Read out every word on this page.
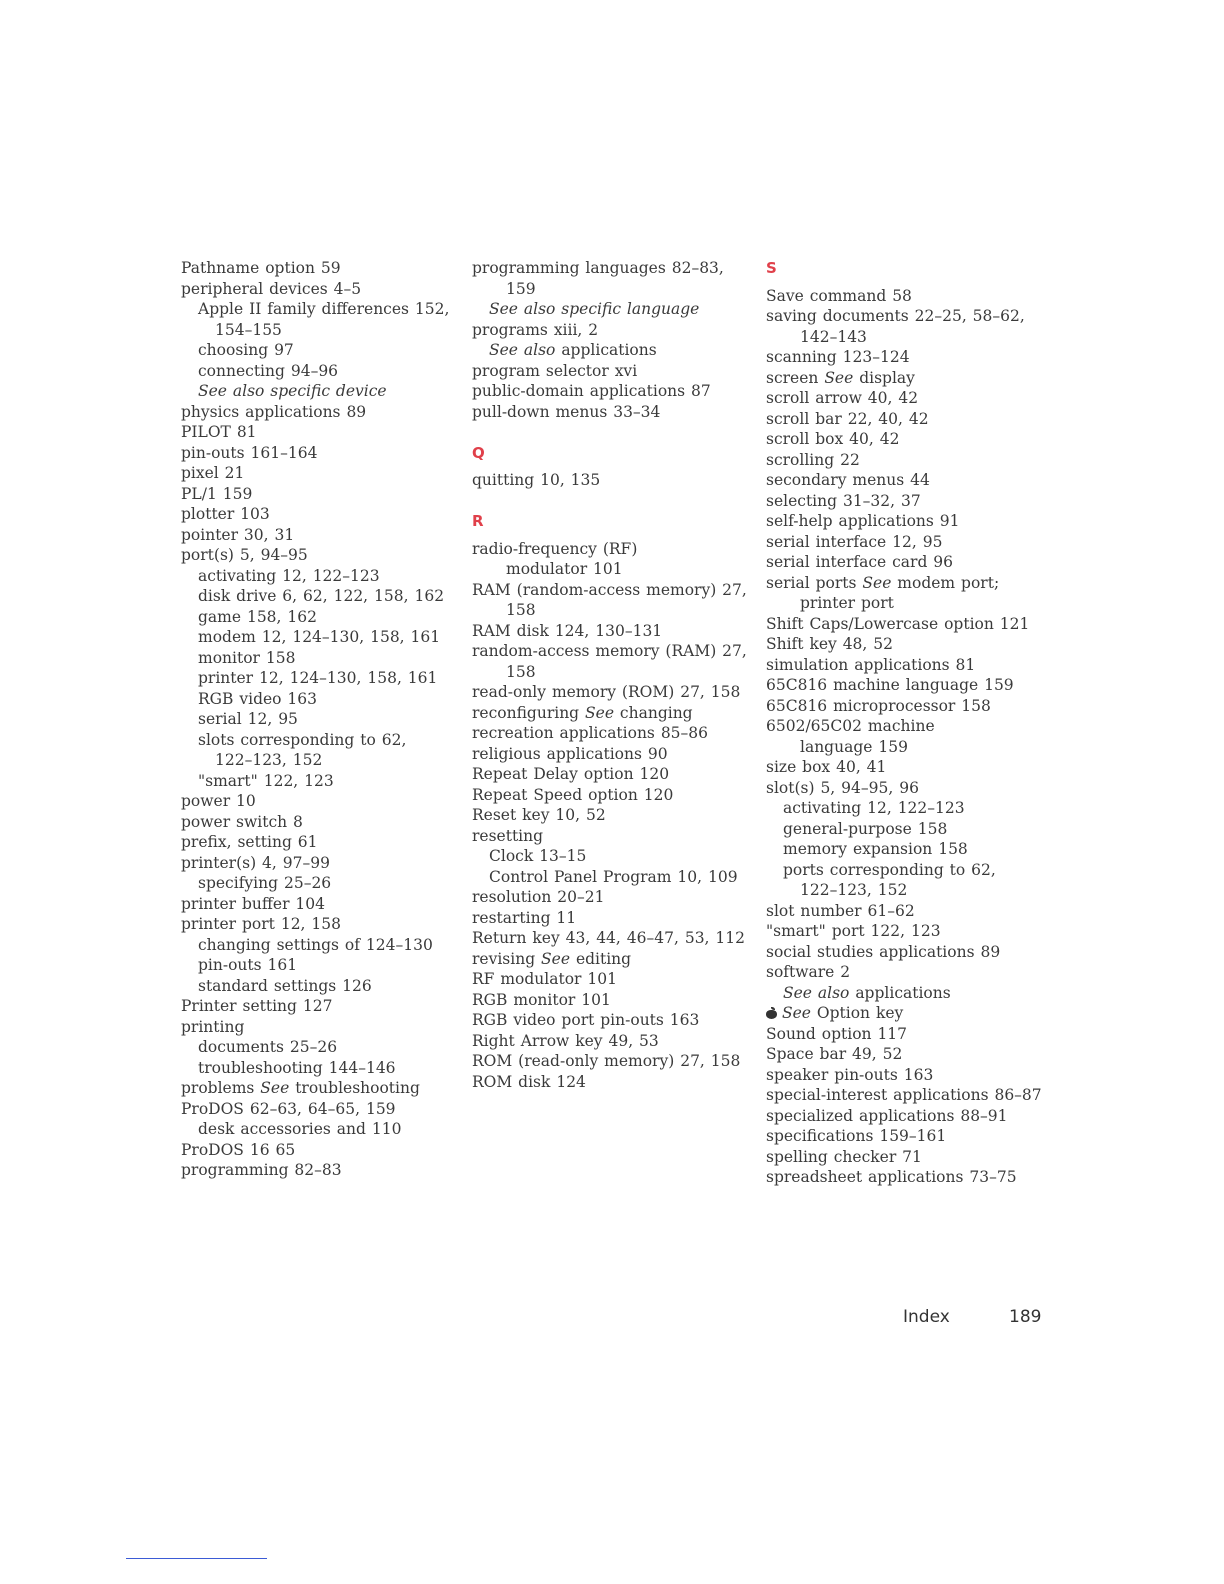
Pathname option 59
peripheral devices 4–5
Apple II family differences 152,
154–155
choosing 97
connecting 94–96
See also specific device
physics applications 89
PILOT 81
pin-outs 161–164
pixel 21
PL/1 159
plotter 103
pointer 30, 31
port(s) 5, 94–95
activating 12, 122–123
disk drive 6, 62, 122, 158, 162
game 158, 162
modem 12, 124–130, 158, 161
monitor 158
printer 12, 124–130, 158, 161
RGB video 163
serial 12, 95
slots corresponding to 62,
122–123, 152
"smart" 122, 123
power 10
power switch 8
prefix, setting 61
printer(s) 4, 97–99
specifying 25–26
printer buffer 104
printer port 12, 158
changing settings of 124–130
pin-outs 161
standard settings 126
Printer setting 127
printing
documents 25–26
troubleshooting 144–146
problems See troubleshooting
ProDOS 62–63, 64–65, 159
desk accessories and 110
ProDOS 16 65
programming 82–83
programming languages 82–83,
159
See also specific language
programs xiii, 2
See also applications
program selector xvi
public-domain applications 87
pull-down menus 33–34
Q
quitting 10, 135
R
radio-frequency (RF)
modulator 101
RAM (random-access memory) 27,
158
RAM disk 124, 130–131
random-access memory (RAM) 27,
158
read-only memory (ROM) 27, 158
reconfiguring See changing
recreation applications 85–86
religious applications 90
Repeat Delay option 120
Repeat Speed option 120
Reset key 10, 52
resetting
Clock 13–15
Control Panel Program 10, 109
resolution 20–21
restarting 11
Return key 43, 44, 46–47, 53, 112
revising See editing
RF modulator 101
RGB monitor 101
RGB video port pin-outs 163
Right Arrow key 49, 53
ROM (read-only memory) 27, 158
ROM disk 124
S
Save command 58
saving documents 22–25, 58–62,
142–143
scanning 123–124
screen See display
scroll arrow 40, 42
scroll bar 22, 40, 42
scroll box 40, 42
scrolling 22
secondary menus 44
selecting 31–32, 37
self-help applications 91
serial interface 12, 95
serial interface card 96
serial ports See modem port;
printer port
Shift Caps/Lowercase option 121
Shift key 48, 52
simulation applications 81
65C816 machine language 159
65C816 microprocessor 158
6502/65C02 machine
language 159
size box 40, 41
slot(s) 5, 94–95, 96
activating 12, 122–123
general-purpose 158
memory expansion 158
ports corresponding to 62,
122–123, 152
slot number 61–62
"smart" port 122, 123
social studies applications 89
software 2
See also applications
See Option key
Sound option 117
Space bar 49, 52
speaker pin-outs 163
special-interest applications 86–87
specialized applications 88–91
specifications 159–161
spelling checker 71
spreadsheet applications 73–75
Index	189
